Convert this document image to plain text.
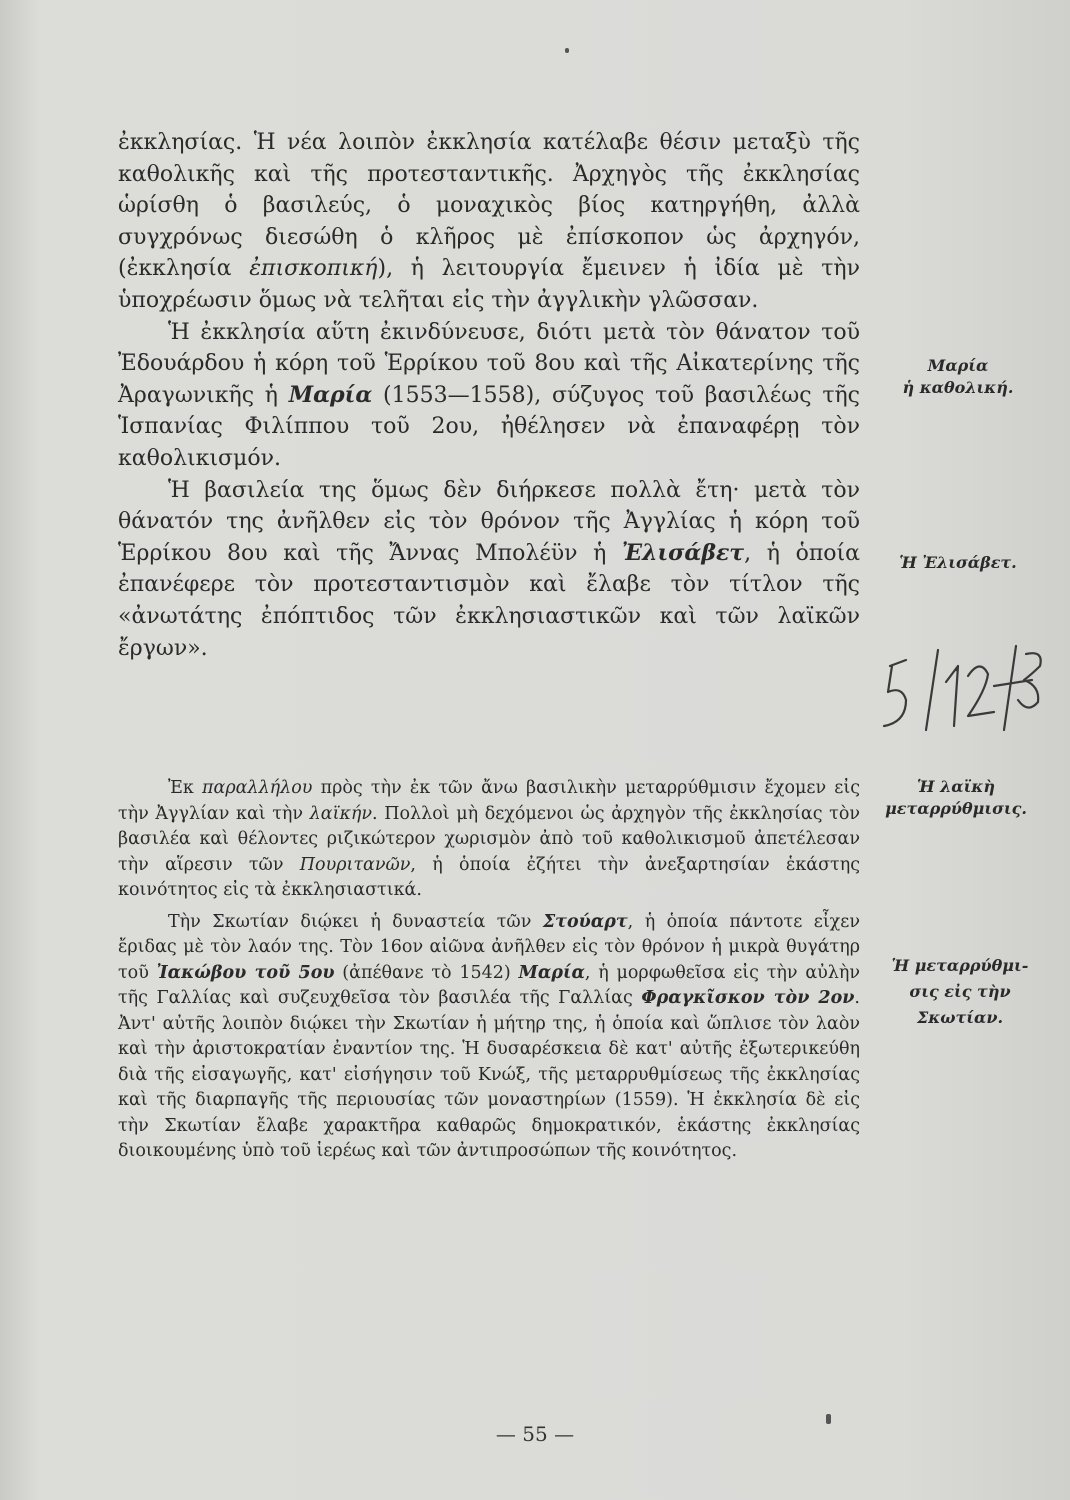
ἐκκλησίας. Ἡ νέα λοιπὸν ἐκκλησία κατέλαβε θέσιν μεταξὺ τῆς καθολικῆς καὶ τῆς προτεσταντικῆς. Ἀρχηγὸς τῆς ἐκκλησίας ὡρίσθη ὁ βασιλεύς, ὁ μοναχικὸς βίος κατηργήθη, ἀλλὰ συγχρόνως διεσώθη ὁ κλῆρος μὲ ἐπίσκοπον ὡς ἀρχηγόν, (ἐκκλησία ἐπισκοπική), ἡ λειτουργία ἔμεινεν ἡ ἰδία μὲ τὴν ὑποχρέωσιν ὅμως νὰ τελῆται εἰς τὴν ἀγγλικὴν γλῶσσαν.

Ἡ ἐκκλησία αὕτη ἐκινδύνευσε, διότι μετὰ τὸν θάνατον τοῦ Ἐδουάρδου ἡ κόρη τοῦ Ἑρρίκου τοῦ 8ου καὶ τῆς Αἰκατερίνης τῆς Ἀραγωνικῆς ἡ Μαρία (1553—1558), σύζυγος τοῦ βασιλέως τῆς Ἱσπανίας Φιλίππου τοῦ 2ου, ἠθέλησεν νὰ ἐπαναφέρῃ τὸν καθολικισμόν.

Ἡ βασιλεία της ὅμως δὲν διήρκεσε πολλὰ ἔτη· μετὰ τὸν θάνατόν της ἀνῆλθεν εἰς τὸν θρόνον τῆς Ἀγγλίας ἡ κόρη τοῦ Ἑρρίκου 8ου καὶ τῆς Ἄννας Μπολέϋν ἡ Ἐλισάβετ, ἡ ὁποία ἐπανέφερε τὸν προτεσταντισμὸν καὶ ἔλαβε τὸν τίτλον τῆς «ἀνωτάτης ἐπόπτιδος τῶν ἐκκλησιαστικῶν καὶ τῶν λαϊκῶν ἔργων».

Ἐκ παραλλήλου πρὸς τὴν ἐκ τῶν ἄνω βασιλικὴν μεταρρύθμισιν ἔχομεν εἰς τὴν Ἀγγλίαν καὶ τὴν λαϊκήν. Πολλοὶ μὴ δεχόμενοι ὡς ἀρχηγὸν τῆς ἐκκλησίας τὸν βασιλέα καὶ θέλοντες ριζικώτερον χωρισμὸν ἀπὸ τοῦ καθολικισμοῦ ἀπετέλεσαν τὴν αἵρεσιν τῶν Πουριτανῶν, ἡ ὁποία ἐζήτει τὴν ἀνεξαρτησίαν ἑκάστης κοινότητος εἰς τὰ ἐκκλησιαστικά.

Τὴν Σκωτίαν διῴκει ἡ δυναστεία τῶν Στούαρτ, ἡ ὁποία πάντοτε εἶχεν ἔριδας μὲ τὸν λαόν της. Τὸν 16ον αἰῶνα ἀνῆλθεν εἰς τὸν θρόνον ἡ μικρὰ θυγάτηρ τοῦ Ἰακώβου τοῦ 5ου (ἀπέθανε τὸ 1542) Μαρία, ἡ μορφωθεῖσα εἰς τὴν αὐλὴν τῆς Γαλλίας καὶ συζευχθεῖσα τὸν βασιλέα τῆς Γαλλίας Φραγκῖσκον τὸν 2ον. Ἀντ' αὐτῆς λοιπὸν διῴκει τὴν Σκωτίαν ἡ μήτηρ της, ἡ ὁποία καὶ ὥπλισε τὸν λαὸν καὶ τὴν ἀριστοκρατίαν ἐναντίον της. Ἡ δυσαρέσκεια δὲ κατ' αὐτῆς ἐξωτερικεύθη διὰ τῆς εἰσαγωγῆς, κατ' εἰσήγησιν τοῦ Κνώξ, τῆς μεταρρυθμίσεως τῆς ἐκκλησίας καὶ τῆς διαρπαγῆς τῆς περιουσίας τῶν μοναστηρίων (1559). Ἡ ἐκκλησία δὲ εἰς τὴν Σκωτίαν ἔλαβε χαρακτῆρα καθαρῶς δημοκρατικόν, ἑκάστης ἐκκλησίας διοικουμένης ὑπὸ τοῦ ἱερέως καὶ τῶν ἀντιπροσώπων τῆς κοινότητος.

Μαρία
ἡ καθολική.
Ἡ Ἐλισάβετ.
Ἡ λαϊκὴ
μεταρρύθμισις.
Ἡ μεταρρύθμι-
σις εἰς τὴν
Σκωτίαν.
— 55 —
